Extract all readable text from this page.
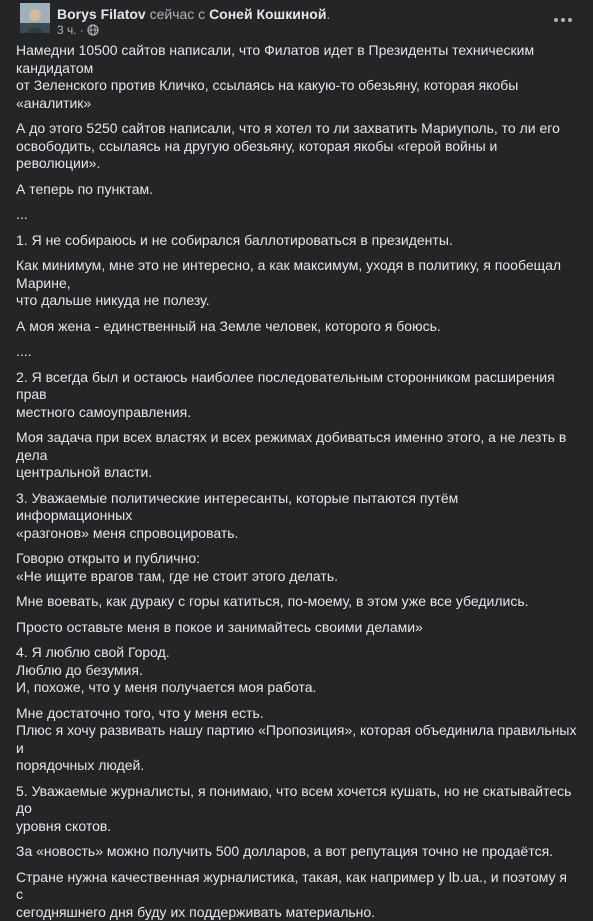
Borys Filatov сейчас с Соней Кошкиной.
3 ч. ·
Намедни 10500 сайтов написали, что Филатов идет в Президенты техническим кандидатом
от Зеленского против Кличко, ссылаясь на какую-то обезьяну, которая якобы «аналитик»
А до этого 5250 сайтов написали, что я хотел то ли захватить Мариуполь, то ли его
освободить, ссылаясь на другую обезьяну, которая якобы «герой войны и революции».
А теперь по пунктам.
...
1. Я не собираюсь и не собирался баллотироваться в президенты.
Как минимум, мне это не интересно, а как максимум, уходя в политику, я пообещал Марине,
что дальше никуда не полезу.
А моя жена - единственный на Земле человек, которого я боюсь.
....
2. Я всегда был и остаюсь наиболее последовательным сторонником расширения прав
местного самоуправления.
Моя задача при всех властях и всех режимах добиваться именно этого, а не лезть в дела
центральной власти.
3. Уважаемые политические интересанты, которые пытаются путём информационных
«разгонов» меня спровоцировать.
Говорю открыто и публично:
«Не ищите врагов там, где не стоит этого делать.
Мне воевать, как дураку с горы катиться, по-моему, в этом уже все убедились.
Просто оставьте меня в покое и занимайтесь своими делами»
4. Я люблю свой Город.
Люблю до безумия.
И, похоже, что у меня получается моя работа.
Мне достаточно того, что у меня есть.
Плюс я хочу развивать нашу партию «Пропозиция», которая объединила правильных и
порядочных людей.
5. Уважаемые журналисты, я понимаю, что всем хочется кушать, но не скатывайтесь до
уровня скотов.
За «новость» можно получить 500 долларов, а вот репутация точно не продаётся.
Стране нужна качественная журналистика, такая, как например у lb.ua., и поэтому я с
сегодняшнего дня буду их поддерживать материально.
